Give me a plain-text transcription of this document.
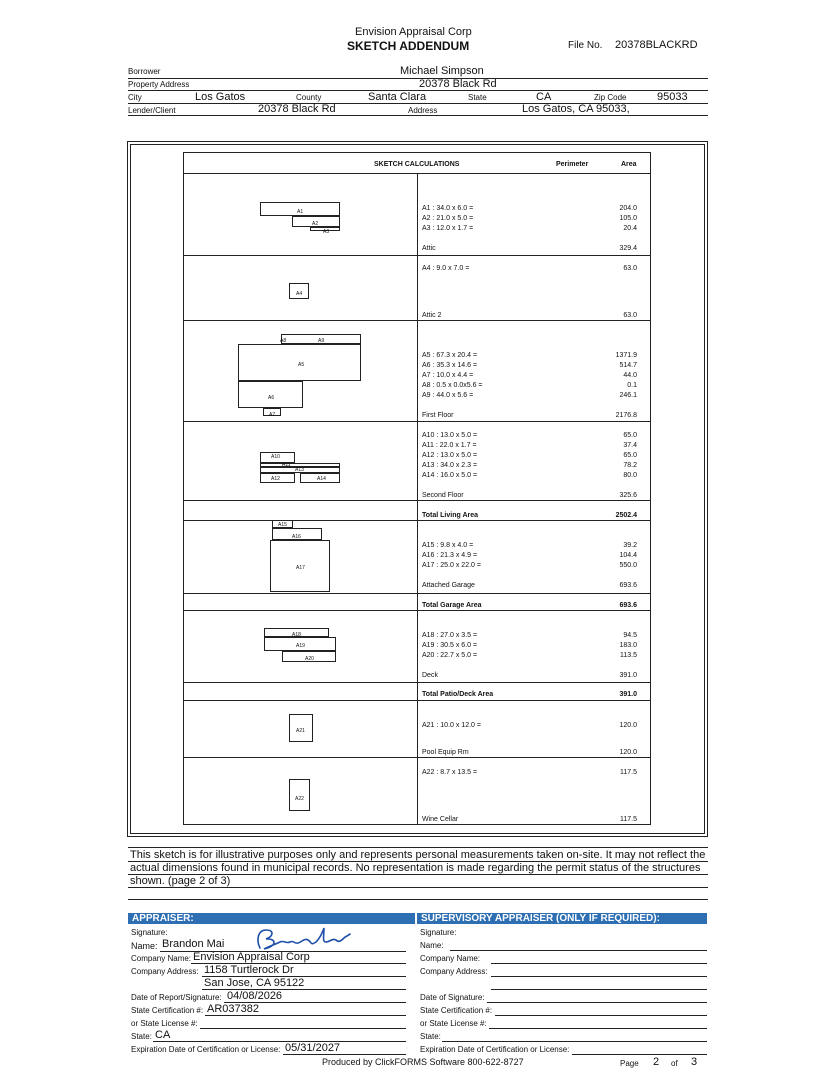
Envision Appraisal Corp
SKETCH ADDENDUM	File No. 20378BLACKRD
Borrower	Michael Simpson
Property Address	20378 Black Rd
City	Los Gatos	County	Santa Clara	State	CA	Zip Code	95033
Lender/Client	20378 Black Rd	Address	Los Gatos, CA 95033,
SKETCH CALCULATIONS	Perimeter	Area
A1 : 34.0 x 6.0 =	204.0
A2 : 21.0 x 5.0 =	105.0
A3 : 12.0 x 1.7 =	20.4
Attic	329.4
A4 : 9.0 x 7.0 =	63.0
Attic 2	63.0
A5 : 67.3 x 20.4 =	1371.9
A6 : 35.3 x 14.6 =	514.7
A7 : 10.0 x 4.4 =	44.0
A8 : 0.5 x 0.0x5.6 =	0.1
A9 : 44.0 x 5.6 =	246.1
First Floor	2176.8
A10 : 13.0 x 5.0 =	65.0
A11 : 22.0 x 1.7 =	37.4
A12 : 13.0 x 5.0 =	65.0
A13 : 34.0 x 2.3 =	78.2
A14 : 16.0 x 5.0 =	80.0
Second Floor	325.6
Total Living Area	2502.4
A15 : 9.8 x 4.0 =	39.2
A16 : 21.3 x 4.9 =	104.4
A17 : 25.0 x 22.0 =	550.0
Attached Garage	693.6
Total Garage Area	693.6
A18 : 27.0 x 3.5 =	94.5
A19 : 30.5 x 6.0 =	183.0
A20 : 22.7 x 5.0 =	113.5
Deck	391.0
Total Patio/Deck Area	391.0
A21 : 10.0 x 12.0 =	120.0
Pool Equip Rm	120.0
A22 : 8.7 x 13.5 =	117.5
Wine Cellar	117.5
A1
A2
A3
A4
A8	A9
A5
A6
A7
A10
A11
A13
A12	A14
A15
A16
A17
A18
A19
A20
A21
A22
This sketch is for illustrative purposes only and represents personal measurements taken on-site. It may not reflect the
actual dimensions found in municipal records. No representation is made regarding the permit status of the structures
shown. (page 2 of 3)
APPRAISER:	SUPERVISORY APPRAISER (ONLY IF REQUIRED):
Signature:
Name: Brandon Mai
Company Name: Envision Appraisal Corp
Company Address: 1158 Turtlerock Dr
San Jose, CA 95122
Date of Report/Signature: 04/08/2026
State Certification #: AR037382
or State License #:
State: CA
Expiration Date of Certification or License: 05/31/2027
Signature:
Name:
Company Name:
Company Address:
Date of Signature:
State Certification #:
or State License #:
State:
Expiration Date of Certification or License:
Produced by ClickFORMS Software 800-622-8727	Page 2 of 3
